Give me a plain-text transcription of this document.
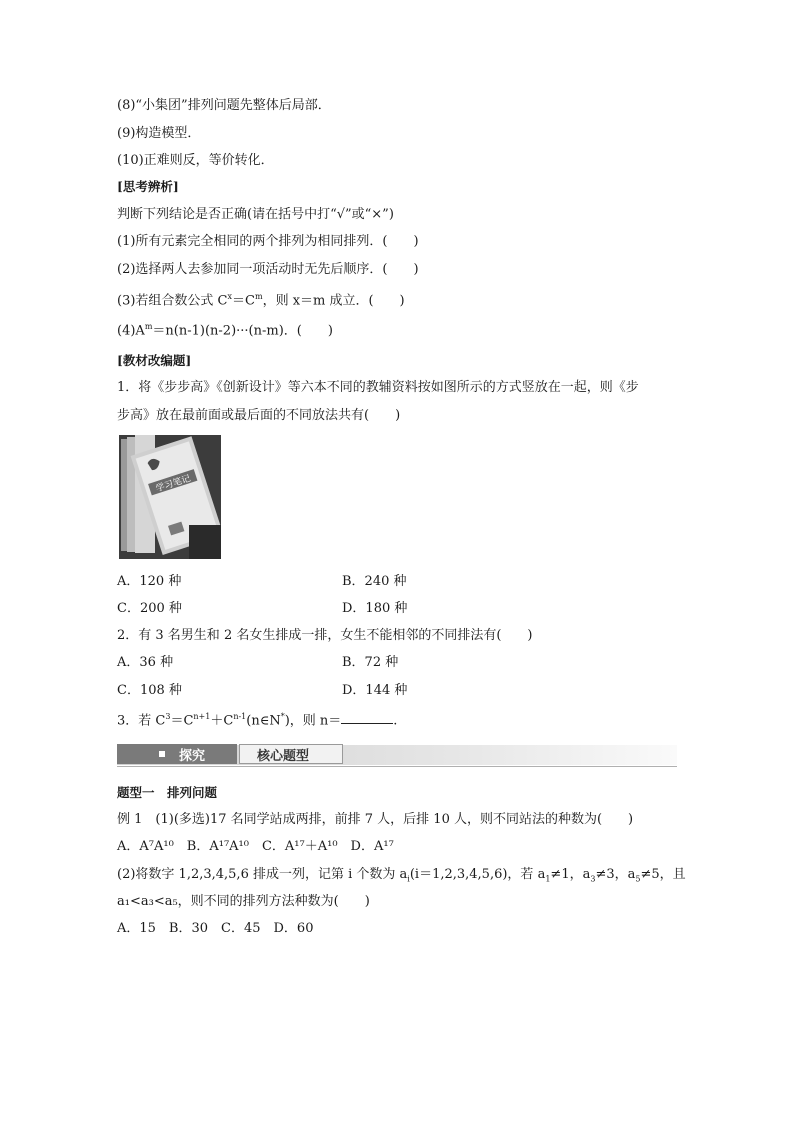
(8)“小集团”排列问题先整体后局部．
(9)构造模型．
(10)正难则反，等价转化．
[思考辨析]
判断下列结论是否正确(请在括号中打“√”或“×”)
(1)所有元素完全相同的两个排列为相同排列．(　　)
(2)选择两人去参加同一项活动时无先后顺序．(　　)
(3)若组合数公式 $C^x=C^m$，则 x＝m 成立．(　　)
$(4)A^m=n(n-1)(n-2)\cdot\cdot\cdot(n-m)$．(　　)
[教材改编题]
1．将《步步高》《创新设计》等六本不同的教辅资料按如图所示的方式竖放在一起，则《步
步高》放在最前面或最后面的不同放法共有(　　)
学习笔记
A．120 种	B．240 种
C．200 种	D．180 种
2．有 3 名男生和 2 名女生排成一排，女生不能相邻的不同排法有(　　)
A．36 种	B．72 种
C．108 种	D．144 种
3．若 $C^3=C^{n+1}+C^{n-1}(n\in N^*)$，则 n＝	.
探究	核心题型
题型一　排列问题
例 1　(1)(多选)17 名同学站成两排，前排 7 人，后排 10 人，则不同站法的种数为(　　)
A．A⁷A¹⁰　B．A¹⁷A¹⁰　C．A¹⁷＋A¹⁰　D．A¹⁷
(2)将数字 1,2,3,4,5,6 排成一列，记第 i 个数为 $a_i(i=1,2,3,4,5,6)$，若 $a_1\ne 1$，$a_3\ne 3$，$a_5\ne 5$，且
a₁<a₃<a₅，则不同的排列方法种数为(　　)
A．15　B．30　C．45　D．60
